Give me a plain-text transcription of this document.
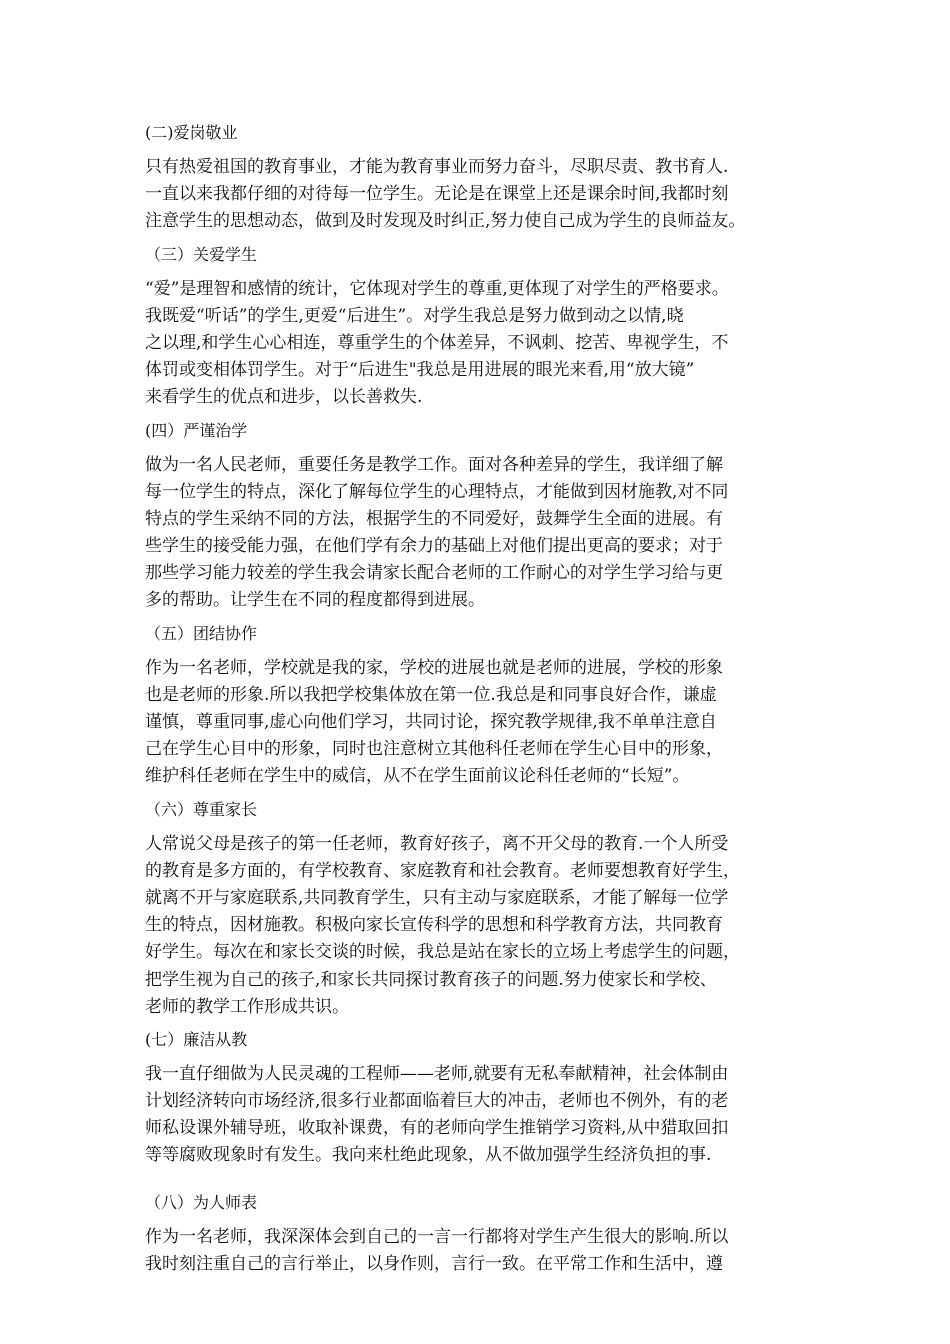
(二)爱岗敬业
只有热爱祖国的教育事业，才能为教育事业而努力奋斗，尽职尽责、教书育人.
一直以来我都仔细的对待每一位学生。无论是在课堂上还是课余时间,我都时刻
注意学生的思想动态，做到及时发现及时纠正,努力使自己成为学生的良师益友。
（三）关爱学生
“爱”是理智和感情的统计，它体现对学生的尊重,更体现了对学生的严格要求。
我既爱“听话”的学生,更爱“后进生”。对学生我总是努力做到动之以情,晓
之以理,和学生心心相连，尊重学生的个体差异，不讽刺、挖苦、卑视学生，不
体罚或变相体罚学生。对于“后进生"我总是用进展的眼光来看,用“放大镜”
来看学生的优点和进步，以长善救失.
(四）严谨治学
做为一名人民老师，重要任务是教学工作。面对各种差异的学生，我详细了解
每一位学生的特点，深化了解每位学生的心理特点，才能做到因材施教,对不同
特点的学生采纳不同的方法，根据学生的不同爱好，鼓舞学生全面的进展。有
些学生的接受能力强，在他们学有余力的基础上对他们提出更高的要求；对于
那些学习能力较差的学生我会请家长配合老师的工作耐心的对学生学习给与更
多的帮助。让学生在不同的程度都得到进展。
（五）团结协作
作为一名老师，学校就是我的家，学校的进展也就是老师的进展，学校的形象
也是老师的形象.所以我把学校集体放在第一位.我总是和同事良好合作，谦虚
谨慎，尊重同事,虚心向他们学习，共同讨论，探究教学规律,我不单单注意自
己在学生心目中的形象，同时也注意树立其他科任老师在学生心目中的形象，
维护科任老师在学生中的威信，从不在学生面前议论科任老师的“长短”。
（六）尊重家长
人常说父母是孩子的第一任老师，教育好孩子，离不开父母的教育.一个人所受
的教育是多方面的，有学校教育、家庭教育和社会教育。老师要想教育好学生，
就离不开与家庭联系,共同教育学生，只有主动与家庭联系，才能了解每一位学
生的特点，因材施教。积极向家长宣传科学的思想和科学教育方法，共同教育
好学生。每次在和家长交谈的时候，我总是站在家长的立场上考虑学生的问题，
把学生视为自己的孩子,和家长共同探讨教育孩子的问题.努力使家长和学校、
老师的教学工作形成共识。
(七）廉洁从教
我一直仔细做为人民灵魂的工程师——老师,就要有无私奉献精神，社会体制由
计划经济转向市场经济,很多行业都面临着巨大的冲击，老师也不例外，有的老
师私设课外辅导班，收取补课费，有的老师向学生推销学习资料,从中猎取回扣
等等腐败现象时有发生。我向来杜绝此现象，从不做加强学生经济负担的事.
（八）为人师表
作为一名老师，我深深体会到自己的一言一行都将对学生产生很大的影响.所以
我时刻注重自己的言行举止，以身作则，言行一致。在平常工作和生活中，遵
